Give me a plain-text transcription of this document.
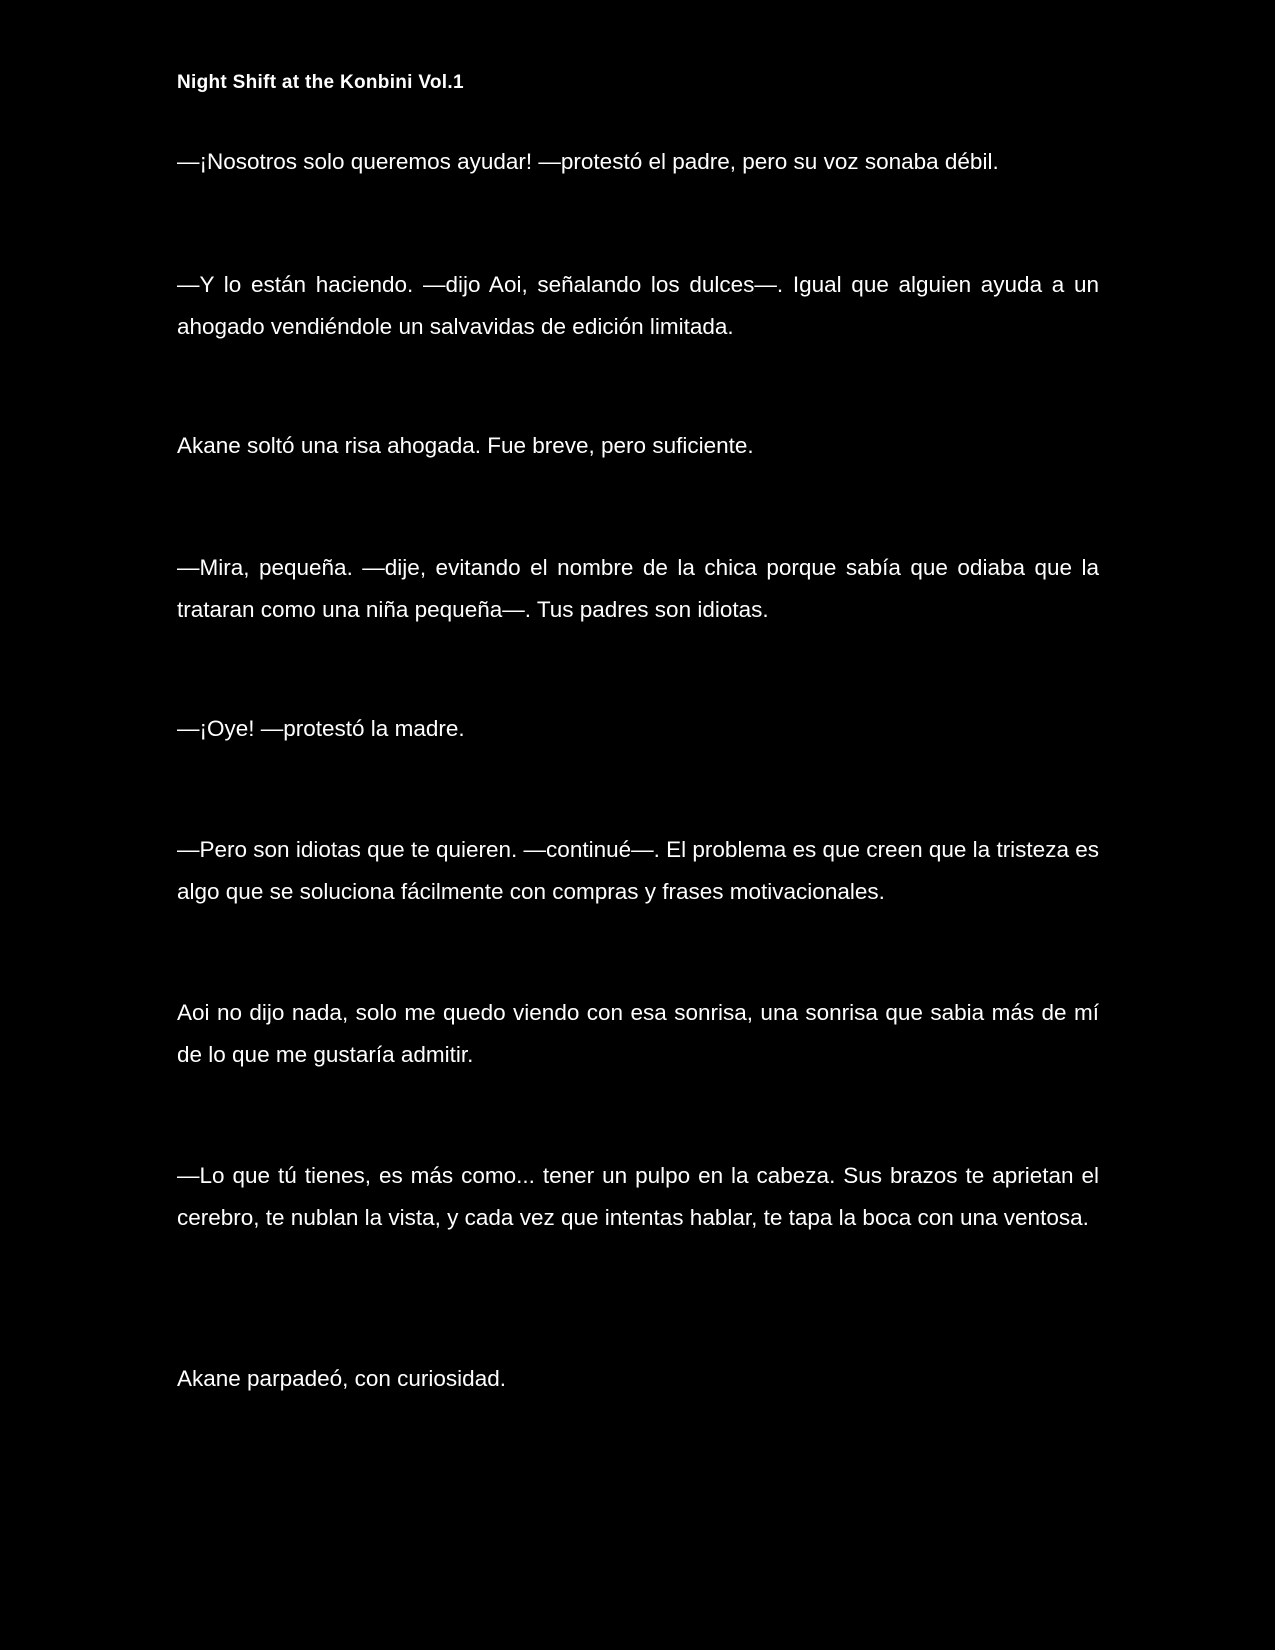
Night Shift at the Konbini Vol.1

—¡Nosotros solo queremos ayudar! —protestó el padre, pero su voz sonaba débil.

—Y lo están haciendo. —dijo Aoi, señalando los dulces—. Igual que alguien ayuda a un ahogado vendiéndole un salvavidas de edición limitada.

Akane soltó una risa ahogada. Fue breve, pero suficiente.

—Mira, pequeña. —dije, evitando el nombre de la chica porque sabía que odiaba que la trataran como una niña pequeña—. Tus padres son idiotas.

—¡Oye! —protestó la madre.

—Pero son idiotas que te quieren. —continué—. El problema es que creen que la tristeza es algo que se soluciona fácilmente con compras y frases motivacionales.

Aoi no dijo nada, solo me quedo viendo con esa sonrisa, una sonrisa que sabia más de mí de lo que me gustaría admitir.

—Lo que tú tienes, es más como... tener un pulpo en la cabeza. Sus brazos te aprietan el cerebro, te nublan la vista, y cada vez que intentas hablar, te tapa la boca con una ventosa.

Akane parpadeó, con curiosidad.
